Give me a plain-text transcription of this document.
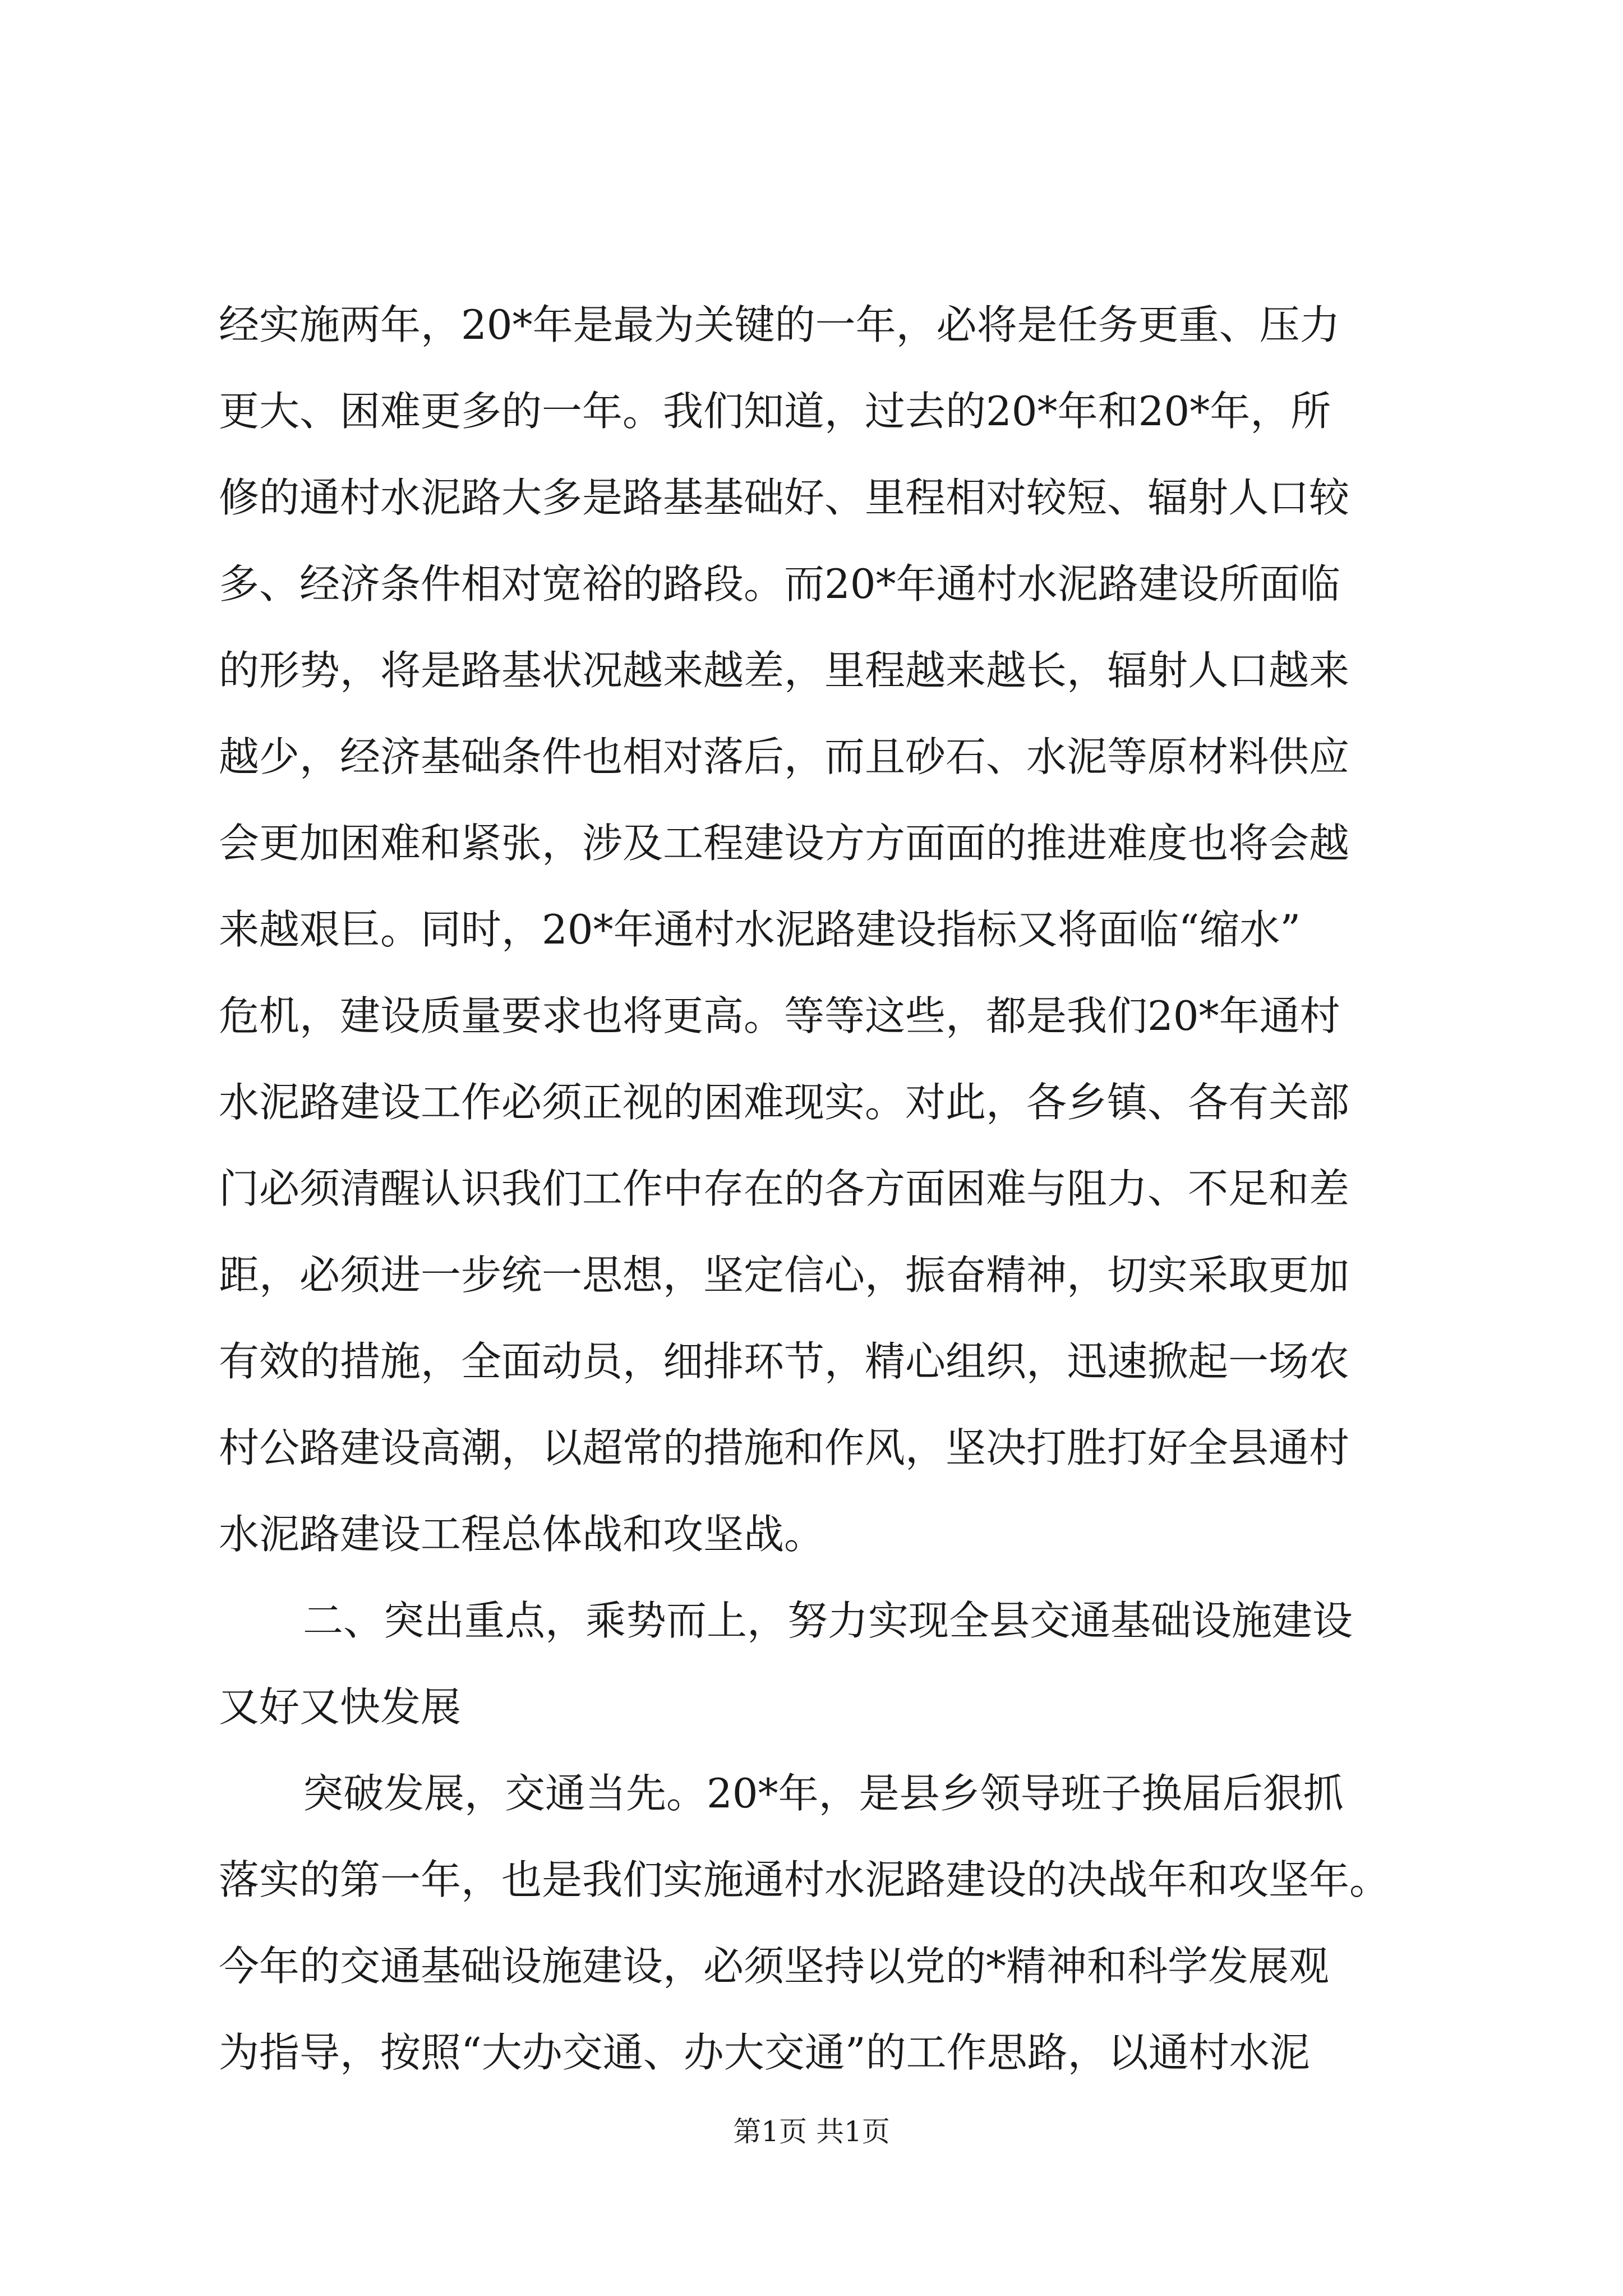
经实施两年，20*年是最为关键的一年，必将是任务更重、压力
更大、困难更多的一年。我们知道，过去的20*年和20*年，所
修的通村水泥路大多是路基基础好、里程相对较短、辐射人口较
多、经济条件相对宽裕的路段。而20*年通村水泥路建设所面临
的形势，将是路基状况越来越差，里程越来越长，辐射人口越来
越少，经济基础条件也相对落后，而且砂石、水泥等原材料供应
会更加困难和紧张，涉及工程建设方方面面的推进难度也将会越
来越艰巨。同时，20*年通村水泥路建设指标又将面临“缩水”
危机，建设质量要求也将更高。等等这些，都是我们20*年通村
水泥路建设工作必须正视的困难现实。对此，各乡镇、各有关部
门必须清醒认识我们工作中存在的各方面困难与阻力、不足和差
距，必须进一步统一思想，坚定信心，振奋精神，切实采取更加
有效的措施，全面动员，细排环节，精心组织，迅速掀起一场农
村公路建设高潮，以超常的措施和作风，坚决打胜打好全县通村
水泥路建设工程总体战和攻坚战。
二、突出重点，乘势而上，努力实现全县交通基础设施建设
又好又快发展
突破发展，交通当先。20*年，是县乡领导班子换届后狠抓
落实的第一年，也是我们实施通村水泥路建设的决战年和攻坚年。
今年的交通基础设施建设，必须坚持以党的*精神和科学发展观
为指导，按照“大办交通、办大交通”的工作思路，以通村水泥
第1页 共1页
